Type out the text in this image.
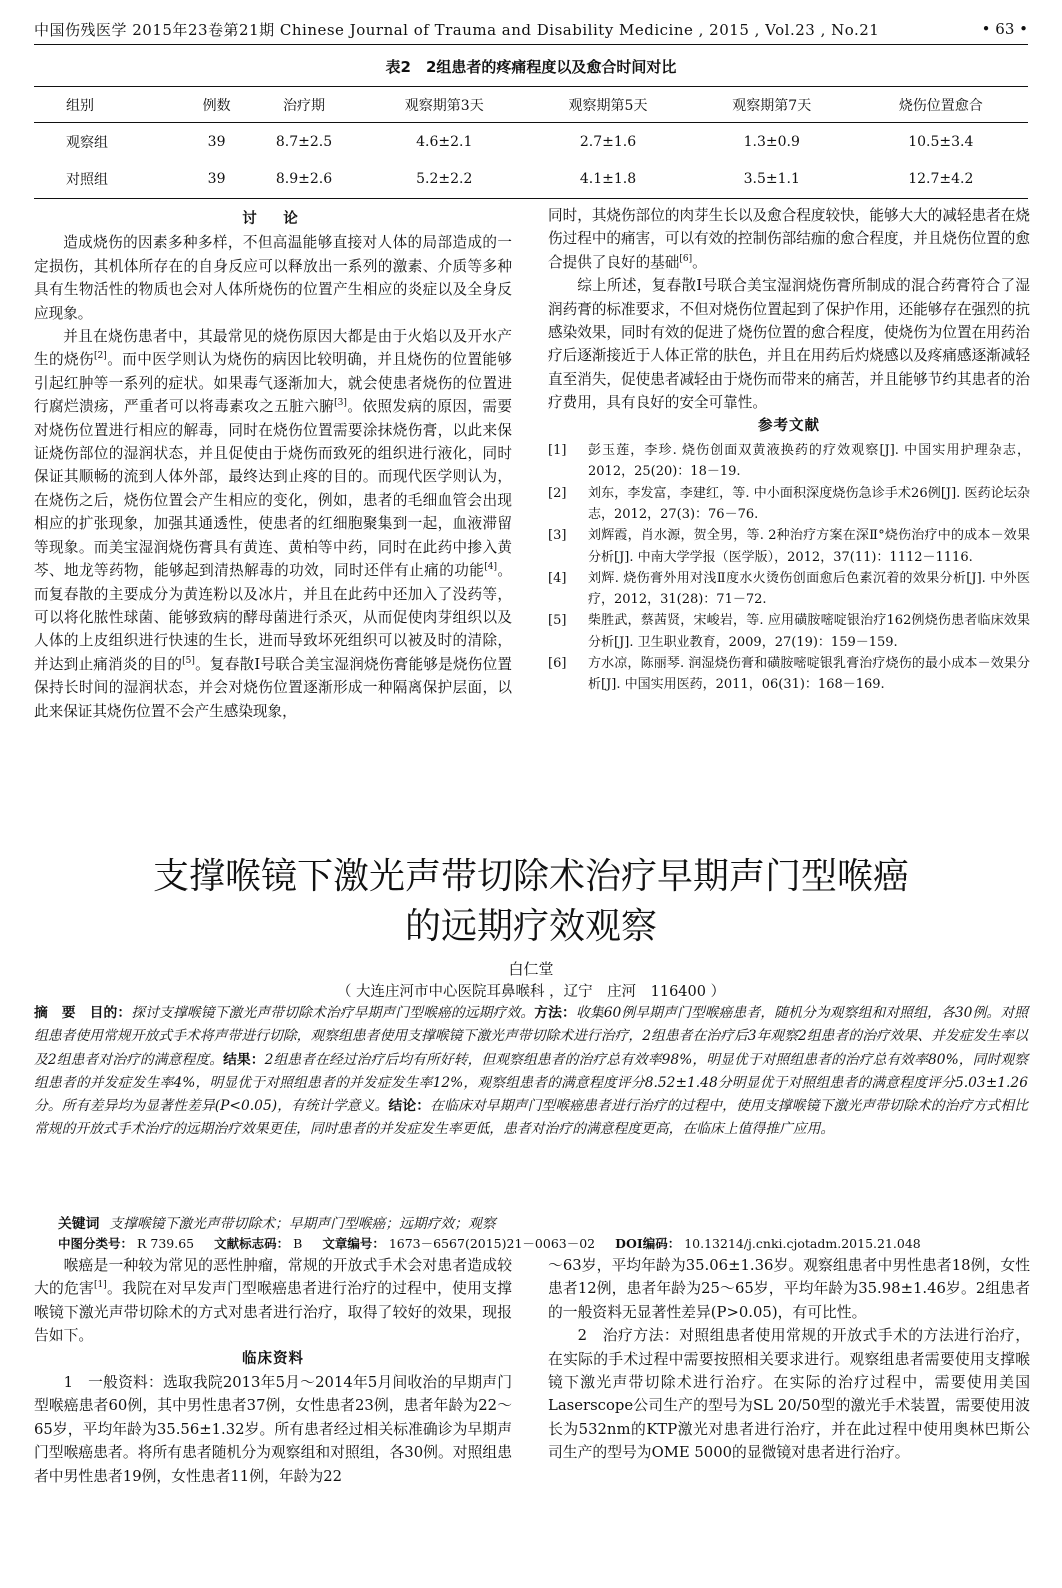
中国伤残医学 2015年23卷第21期 Chinese Journal of Trauma and Disability Medicine , 2015 , Vol.23 , No.21	• 63 •
表2　2组患者的疼痛程度以及愈合时间对比
组别	例数	治疗期	观察期第3天	观察期第5天	观察期第7天	烧伤位置愈合
观察组	39	8.7±2.5	4.6±2.1	2.7±1.6	1.3±0.9	10.5±3.4
对照组	39	8.9±2.6	5.2±2.2	4.1±1.8	3.5±1.1	12.7±4.2

讨　论

造成烧伤的因素多种多样，不但高温能够直接对人体的局部造成的一定损伤，其机体所存在的自身反应可以释放出一系列的激素、介质等多种具有生物活性的物质也会对人体所烧伤的位置产生相应的炎症以及全身反应现象。

并且在烧伤患者中，其最常见的烧伤原因大都是由于火焰以及开水产生的烧伤[2]。而中医学则认为烧伤的病因比较明确，并且烧伤的位置能够引起红肿等一系列的症状。如果毒气逐渐加大，就会使患者烧伤的位置进行腐烂溃疡，严重者可以将毒素攻之五脏六腑[3]。依照发病的原因，需要对烧伤位置进行相应的解毒，同时在烧伤位置需要涂抹烧伤膏，以此来保证烧伤部位的湿润状态，并且促使由于烧伤而致死的组织进行液化，同时保证其顺畅的流到人体外部，最终达到止疼的目的。而现代医学则认为，在烧伤之后，烧伤位置会产生相应的变化，例如，患者的毛细血管会出现相应的扩张现象，加强其通透性，使患者的红细胞聚集到一起，血液滞留等现象。而美宝湿润烧伤膏具有黄连、黄柏等中药，同时在此药中掺入黄芩、地龙等药物，能够起到清热解毒的功效，同时还伴有止痛的功能[4]。而复春散的主要成分为黄连粉以及冰片，并且在此药中还加入了没药等，可以将化脓性球菌、能够致病的酵母菌进行杀灭，从而促使肉芽组织以及人体的上皮组织进行快速的生长，进而导致坏死组织可以被及时的清除，并达到止痛消炎的目的[5]。复春散Ⅰ号联合美宝湿润烧伤膏能够是烧伤位置保持长时间的湿润状态，并会对烧伤位置逐渐形成一种隔离保护层面，以此来保证其烧伤位置不会产生感染现象，

同时，其烧伤部位的肉芽生长以及愈合程度较快，能够大大的减轻患者在烧伤过程中的痛害，可以有效的控制伤部结痂的愈合程度，并且烧伤位置的愈合提供了良好的基础[6]。

综上所述，复春散Ⅰ号联合美宝湿润烧伤膏所制成的混合药膏符合了湿润药膏的标准要求，不但对烧伤位置起到了保护作用，还能够存在强烈的抗感染效果，同时有效的促进了烧伤位置的愈合程度，使烧伤为位置在用药治疗后逐渐接近于人体正常的肤色，并且在用药后灼烧感以及疼痛感逐渐减轻直至消失，促使患者减轻由于烧伤而带来的痛苦，并且能够节约其患者的治疗费用，具有良好的安全可靠性。

参考文献

[1]	彭玉莲，李珍. 烧伤创面双黄液换药的疗效观察[J]. 中国实用护理杂志，2012，25(20)：18－19.
[2]	刘东，李发富，李建红，等. 中小面积深度烧伤急诊手术26例[J]. 医药论坛杂志，2012，27(3)：76－76.
[3]	刘辉霞，肖水源，贺全男，等. 2种治疗方案在深Ⅱ°烧伤治疗中的成本－效果分析[J]. 中南大学学报（医学版），2012，37(11)：1112－1116.
[4]	刘辉. 烧伤膏外用对浅Ⅱ度水火烫伤创面愈后色素沉着的效果分析[J]. 中外医疗，2012，31(28)：71－72.
[5]	柴胜武，蔡茜贤，宋峻岩，等. 应用磺胺嘧啶银治疗162例烧伤患者临床效果分析[J]. 卫生职业教育，2009，27(19)：159－159.
[6]	方水凉，陈丽琴. 润湿烧伤膏和磺胺嘧啶银乳膏治疗烧伤的最小成本－效果分析[J]. 中国实用医药，2011，06(31)：168－169.
支撑喉镜下激光声带切除术治疗早期声门型喉癌
的远期疗效观察
白仁堂
（ 大连庄河市中心医院耳鼻喉科 ，辽宁　庄河　116400 ）
摘　要　 目的：探讨支撑喉镜下激光声带切除术治疗早期声门型喉癌的远期疗效。方法：收集60例早期声门型喉癌患者，随机分为观察组和对照组，各30例。对照组患者使用常规开放式手术将声带进行切除，观察组患者使用支撑喉镜下激光声带切除术进行治疗，2组患者在治疗后3年观察2组患者的治疗效果、并发症发生率以及2组患者对治疗的满意程度。结果：2组患者在经过治疗后均有所好转，但观察组患者的治疗总有效率98%，明显优于对照组患者的治疗总有效率80%，同时观察组患者的并发症发生率4%，明显优于对照组患者的并发症发生率12%，观察组患者的满意程度评分8.52±1.48分明显优于对照组患者的满意程度评分5.03±1.26分。所有差异均为显著性差异(P<0.05)，有统计学意义。结论：在临床对早期声门型喉癌患者进行治疗的过程中，使用支撑喉镜下激光声带切除术的治疗方式相比常规的开放式手术治疗的远期治疗效果更佳，同时患者的并发症发生率更低，患者对治疗的满意程度更高，在临床上值得推广应用。
关键词 支撑喉镜下激光声带切除术；早期声门型喉癌；远期疗效；观察
中图分类号： R 739.65 文献标志码： B 文章编号： 1673－6567(2015)21－0063－02 DOI编码： 10.13214/j.cnki.cjotadm.2015.21.048

喉癌是一种较为常见的恶性肿瘤，常规的开放式手术会对患者造成较大的危害[1]。我院在对早发声门型喉癌患者进行治疗的过程中，使用支撑喉镜下激光声带切除术的方式对患者进行治疗，取得了较好的效果，现报告如下。

临床资料

1　一般资料：选取我院2013年5月～2014年5月间收治的早期声门型喉癌患者60例，其中男性患者37例，女性患者23例，患者年龄为22～65岁，平均年龄为35.56±1.32岁。所有患者经过相关标准确诊为早期声门型喉癌患者。将所有患者随机分为观察组和对照组，各30例。对照组患者中男性患者19例，女性患者11例，年龄为22

～63岁，平均年龄为35.06±1.36岁。观察组患者中男性患者18例，女性患者12例，患者年龄为25～65岁，平均年龄为35.98±1.46岁。2组患者的一般资料无显著性差异(P>0.05)，有可比性。

2　治疗方法：对照组患者使用常规的开放式手术的方法进行治疗，在实际的手术过程中需要按照相关要求进行。观察组患者需要使用支撑喉镜下激光声带切除术进行治疗。在实际的治疗过程中，需要使用美国Laserscope公司生产的型号为SL 20/50型的激光手术装置，需要使用波长为532nm的KTP激光对患者进行治疗，并在此过程中使用奥林巴斯公司生产的型号为OME 5000的显微镜对患者进行治疗。
